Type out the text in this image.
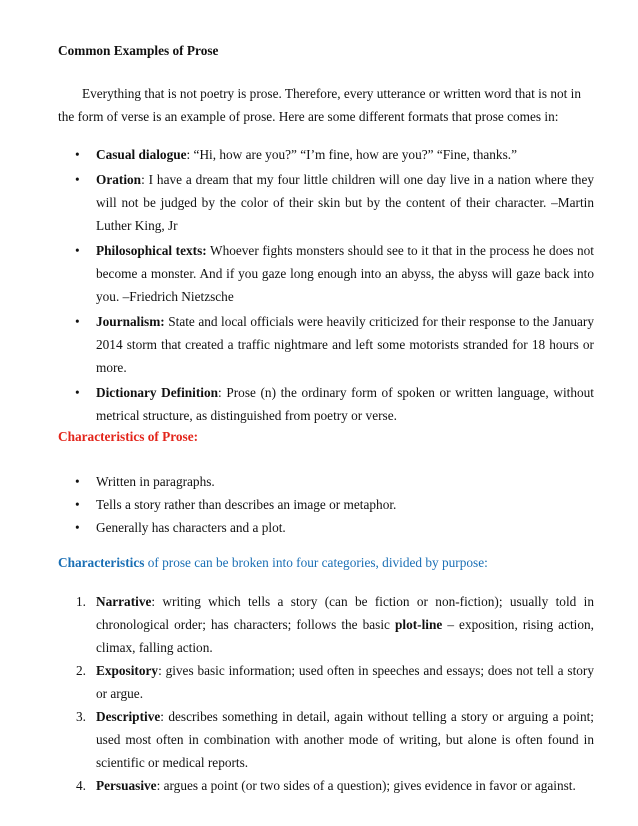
Common Examples of Prose

Everything that is not poetry is prose. Therefore, every utterance or written word that is not in the form of verse is an example of prose. Here are some different formats that prose comes in:

• Casual dialogue: “Hi, how are you?” “I’m fine, how are you?” “Fine, thanks.”
• Oration: I have a dream that my four little children will one day live in a nation where they will not be judged by the color of their skin but by the content of their character. –Martin Luther King, Jr
• Philosophical texts: Whoever fights monsters should see to it that in the process he does not become a monster. And if you gaze long enough into an abyss, the abyss will gaze back into you. –Friedrich Nietzsche
• Journalism: State and local officials were heavily criticized for their response to the January 2014 storm that created a traffic nightmare and left some motorists stranded for 18 hours or more.
• Dictionary Definition: Prose (n) the ordinary form of spoken or written language, without metrical structure, as distinguished from poetry or verse.
Characteristics of Prose:
• Written in paragraphs.
• Tells a story rather than describes an image or metaphor.
• Generally has characters and a plot.
Characteristics of prose can be broken into four categories, divided by purpose:
1. Narrative: writing which tells a story (can be fiction or non-fiction); usually told in chronological order; has characters; follows the basic plot-line – exposition, rising action, climax, falling action.
2. Expository: gives basic information; used often in speeches and essays; does not tell a story or argue.
3. Descriptive: describes something in detail, again without telling a story or arguing a point; used most often in combination with another mode of writing, but alone is often found in scientific or medical reports.
4. Persuasive: argues a point (or two sides of a question); gives evidence in favor or against.
